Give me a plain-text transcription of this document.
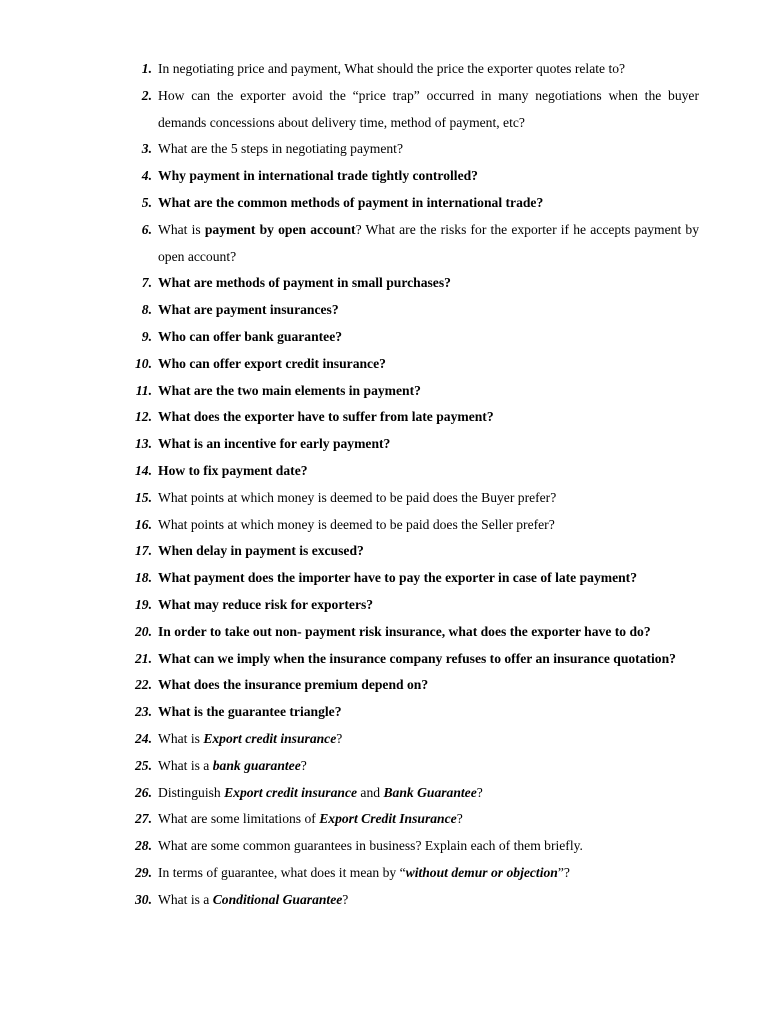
1. In negotiating price and payment, What should the price the exporter quotes relate to?
2. How can the exporter avoid the “price trap” occurred in many negotiations when the buyer demands concessions about delivery time, method of payment, etc?
3. What are the 5 steps in negotiating payment?
4. Why payment in international trade tightly controlled?
5. What are the common methods of payment in international trade?
6. What is payment by open account? What are the risks for the exporter if he accepts payment by open account?
7. What are methods of payment in small purchases?
8. What are payment insurances?
9. Who can offer bank guarantee?
10. Who can offer export credit insurance?
11. What are the two main elements in payment?
12. What does the exporter have to suffer from late payment?
13. What is an incentive for early payment?
14. How to fix payment date?
15. What points at which money is deemed to be paid does the Buyer prefer?
16. What points at which money is deemed to be paid does the Seller prefer?
17. When delay in payment is excused?
18. What payment does the importer have to pay the exporter in case of late payment?
19. What may reduce risk for exporters?
20. In order to take out non- payment risk insurance, what does the exporter have to do?
21. What can we imply when the insurance company refuses to offer an insurance quotation?
22. What does the insurance premium depend on?
23. What is the guarantee triangle?
24. What is Export credit insurance?
25. What is a bank guarantee?
26. Distinguish Export credit insurance and Bank Guarantee?
27. What are some limitations of Export Credit Insurance?
28. What are some common guarantees in business? Explain each of them briefly.
29. In terms of guarantee, what does it mean by “without demur or objection”?
30. What is a Conditional Guarantee?
